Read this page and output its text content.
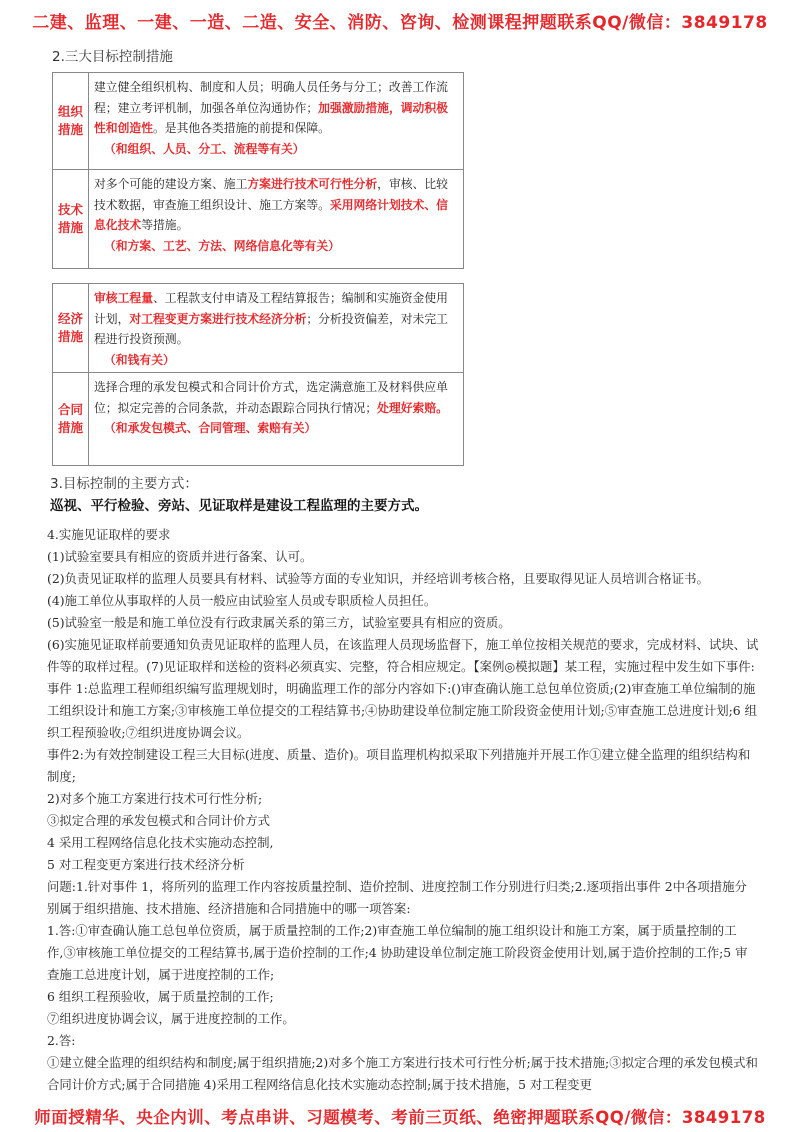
二建、监理、一建、一造、二造、安全、消防、咨询、检测课程押题联系QQ/微信：3849178
2.三大目标控制措施
组织措施
建立健全组织机构、制度和人员；明确人员任务与分工；改善工作流程；建立考评机制，加强各单位沟通协作；加强激励措施，调动积极性和创造性。是其他各类措施的前提和保障。
（和组织、人员、分工、流程等有关）
技术措施
对多个可能的建设方案、施工方案进行技术可行性分析，审核、比较技术数据，审查施工组织设计、施工方案等。采用网络计划技术、信息化技术等措施。
（和方案、工艺、方法、网络信息化等有关）
经济措施
审核工程量、工程款支付申请及工程结算报告；编制和实施资金使用计划，对工程变更方案进行技术经济分析；分析投资偏差，对未完工程进行投资预测。
（和钱有关）
合同措施
选择合理的承发包模式和合同计价方式，选定满意施工及材料供应单位；拟定完善的合同条款，并动态跟踪合同执行情况；处理好索赔。
（和承发包模式、合同管理、索赔有关）
3.目标控制的主要方式：
巡视、平行检验、旁站、见证取样是建设工程监理的主要方式。
4.实施见证取样的要求
(1)试验室要具有相应的资质并进行备案、认可。
(2)负责见证取样的监理人员要具有材料、试验等方面的专业知识，并经培训考核合格，且要取得见证人员培训合格证书。
(4)施工单位从事取样的人员一般应由试验室人员或专职质检人员担任。
(5)试验室一般是和施工单位没有行政隶属关系的第三方，试验室要具有相应的资质。
(6)实施见证取样前要通知负责见证取样的监理人员，在该监理人员现场监督下，施工单位按相关规范的要求，完成材料、试块、试件等的取样过程。(7)见证取样和送检的资料必须真实、完整，符合相应规定。【案例◎模拟题】某工程，实施过程中发生如下事件:事件 1:总监理工程师组织编写监理规划时，明确监理工作的部分内容如下:()审查确认施工总包单位资质;(2)审查施工单位编制的施工组织设计和施工方案;③审核施工单位提交的工程结算书;④协助建设单位制定施工阶段资金使用计划;⑤审查施工总进度计划;6 组织工程预验收;⑦组织进度协调会议。
事件2:为有效控制建设工程三大目标(进度、质量、造价)。项目监理机构拟采取下列措施并开展工作①建立健全监理的组织结构和制度;
2)对多个施工方案进行技术可行性分析;
③拟定合理的承发包模式和合同计价方式
4 采用工程网络信息化技术实施动态控制,
5 对工程变更方案进行技术经济分析
问题:1.针对事件 1，将所列的监理工作内容按质量控制、造价控制、进度控制工作分别进行归类;2.逐项指出事件 2中各项措施分别属于组织措施、技术措施、经济措施和合同措施中的哪一项答案:
1.答:①审查确认施工总包单位资质，属于质量控制的工作;2)审查施工单位编制的施工组织设计和施工方案，属于质量控制的工作,③审核施工单位提交的工程结算书,属于造价控制的工作;4 协助建设单位制定施工阶段资金使用计划,属于造价控制的工作;5 审查施工总进度计划，属于进度控制的工作;
6 组织工程预验收，属于质量控制的工作;
⑦组织进度协调会议，属于进度控制的工作。
2.答:
①建立健全监理的组织结构和制度;属于组织措施;2)对多个施工方案进行技术可行性分析;属于技术措施;③拟定合理的承发包模式和合同计价方式;属于合同措施 4)采用工程网络信息化技术实施动态控制;属于技术措施，5 对工程变更
师面授精华、央企内训、考点串讲、习题模考、考前三页纸、绝密押题联系QQ/微信：3849178
